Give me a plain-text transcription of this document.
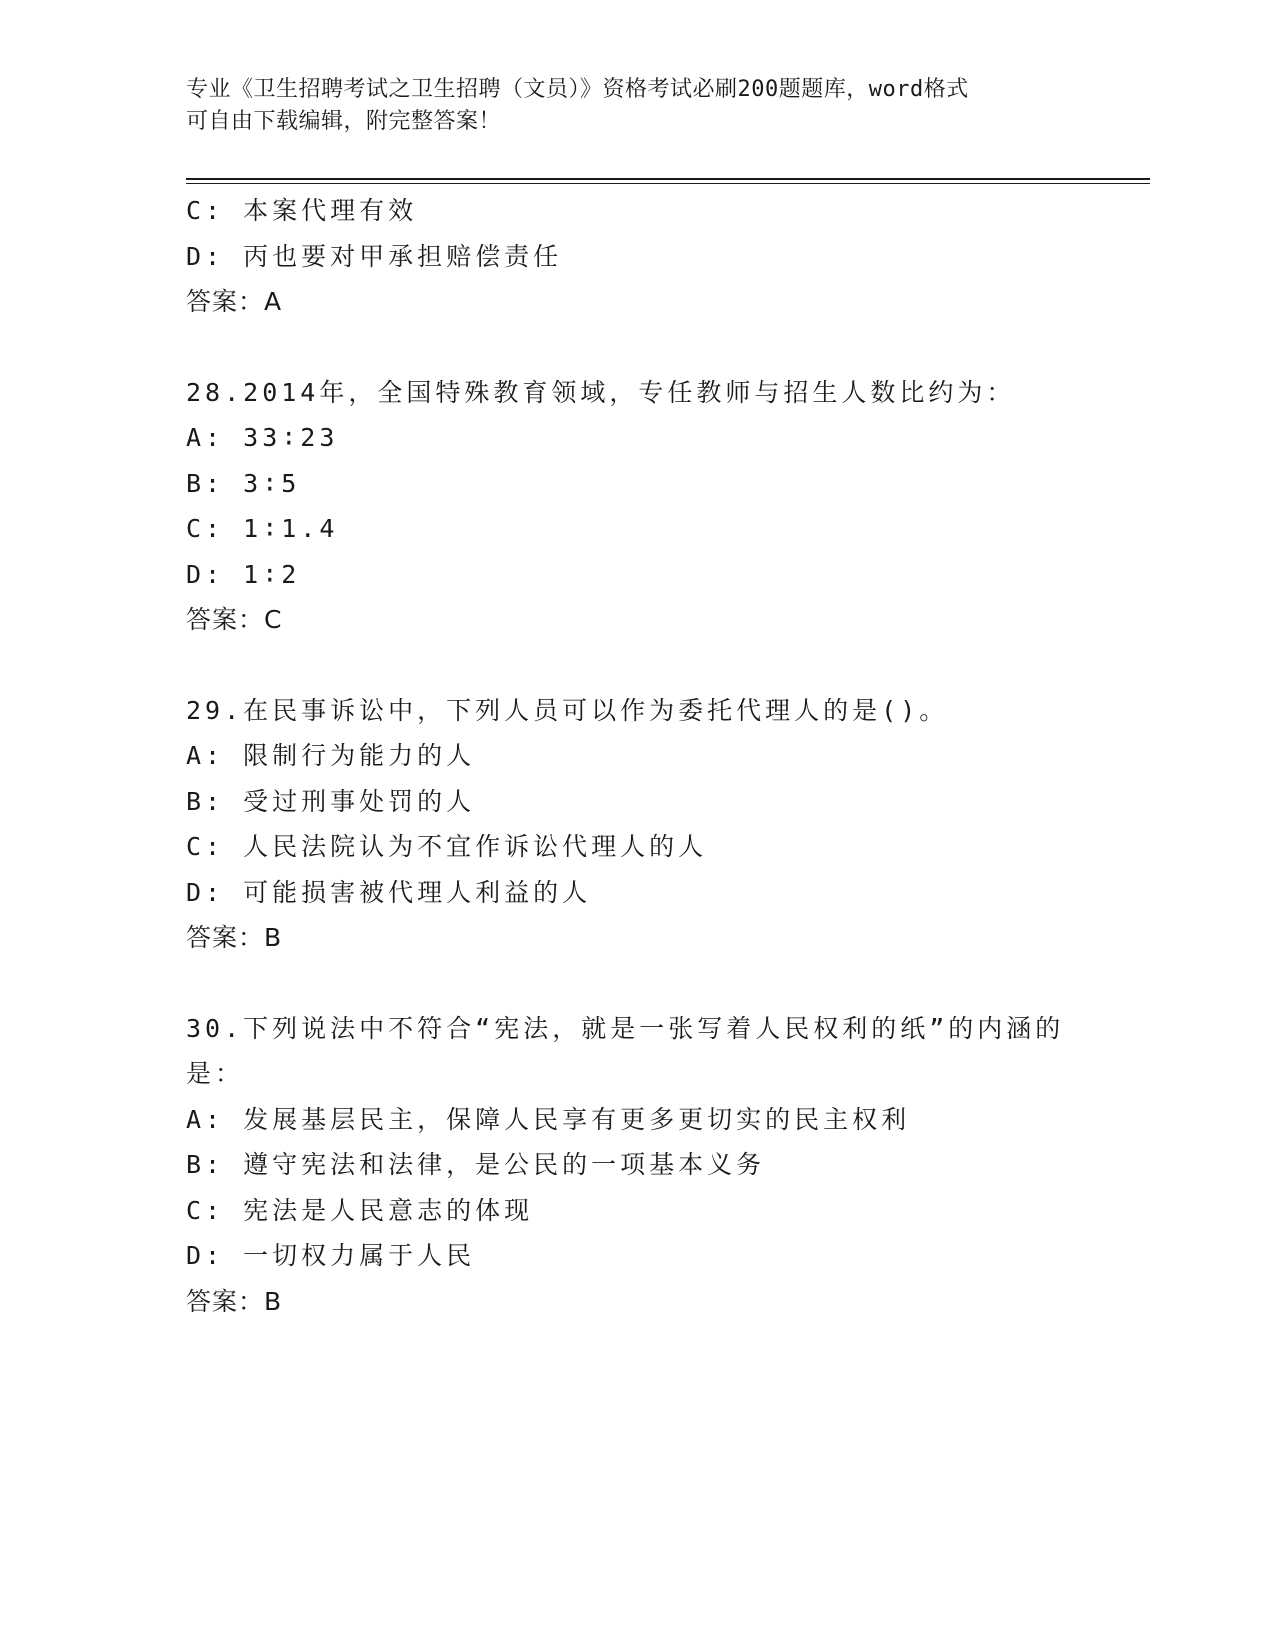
专业《卫生招聘考试之卫生招聘（文员）》资格考试必刷200题题库，word格式
可自由下载编辑，附完整答案！
C: 本案代理有效
D: 丙也要对甲承担赔偿责任
答案：A
28.2014年，全国特殊教育领域，专任教师与招生人数比约为：
A: 33∶23
B: 3∶5
C: 1∶1.4
D: 1∶2
答案：C
29.在民事诉讼中，下列人员可以作为委托代理人的是()。
A: 限制行为能力的人
B: 受过刑事处罚的人
C: 人民法院认为不宜作诉讼代理人的人
D: 可能损害被代理人利益的人
答案：B
30.下列说法中不符合“宪法，就是一张写着人民权利的纸”的内涵的是：
A: 发展基层民主，保障人民享有更多更切实的民主权利
B: 遵守宪法和法律，是公民的一项基本义务
C: 宪法是人民意志的体现
D: 一切权力属于人民
答案：B
